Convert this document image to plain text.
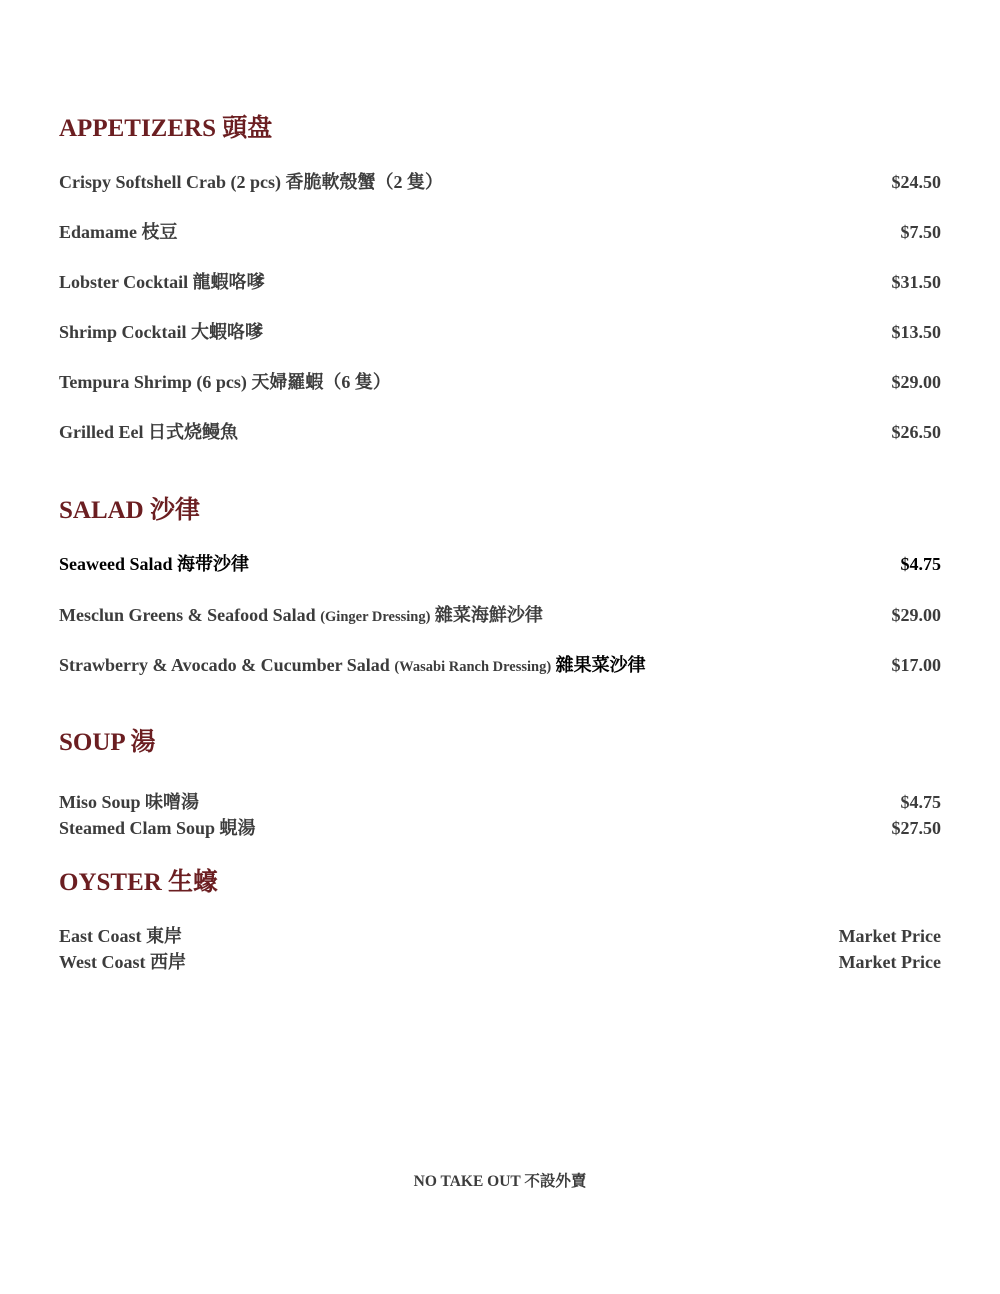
APPETIZERS 頭盘
Crispy Softshell Crab (2 pcs) 香脆軟殼蟹（2 隻）	$24.50
Edamame 枝豆	$7.50
Lobster Cocktail 龍蝦咯嗲	$31.50
Shrimp Cocktail 大蝦咯嗲	$13.50
Tempura Shrimp (6 pcs) 天婦羅蝦（6 隻）	$29.00
Grilled Eel 日式烧鳗魚	$26.50
SALAD 沙律
Seaweed Salad 海带沙律	$4.75
Mesclun Greens & Seafood Salad (Ginger Dressing) 雜菜海鮮沙律	$29.00
Strawberry & Avocado & Cucumber Salad (Wasabi Ranch Dressing) 雜果菜沙律	$17.00
SOUP 湯
Miso Soup 味噌湯	$4.75
Steamed Clam Soup 蜆湯	$27.50
OYSTER 生蠔
East Coast 東岸	Market Price
West Coast 西岸	Market Price
NO TAKE OUT 不設外賣
